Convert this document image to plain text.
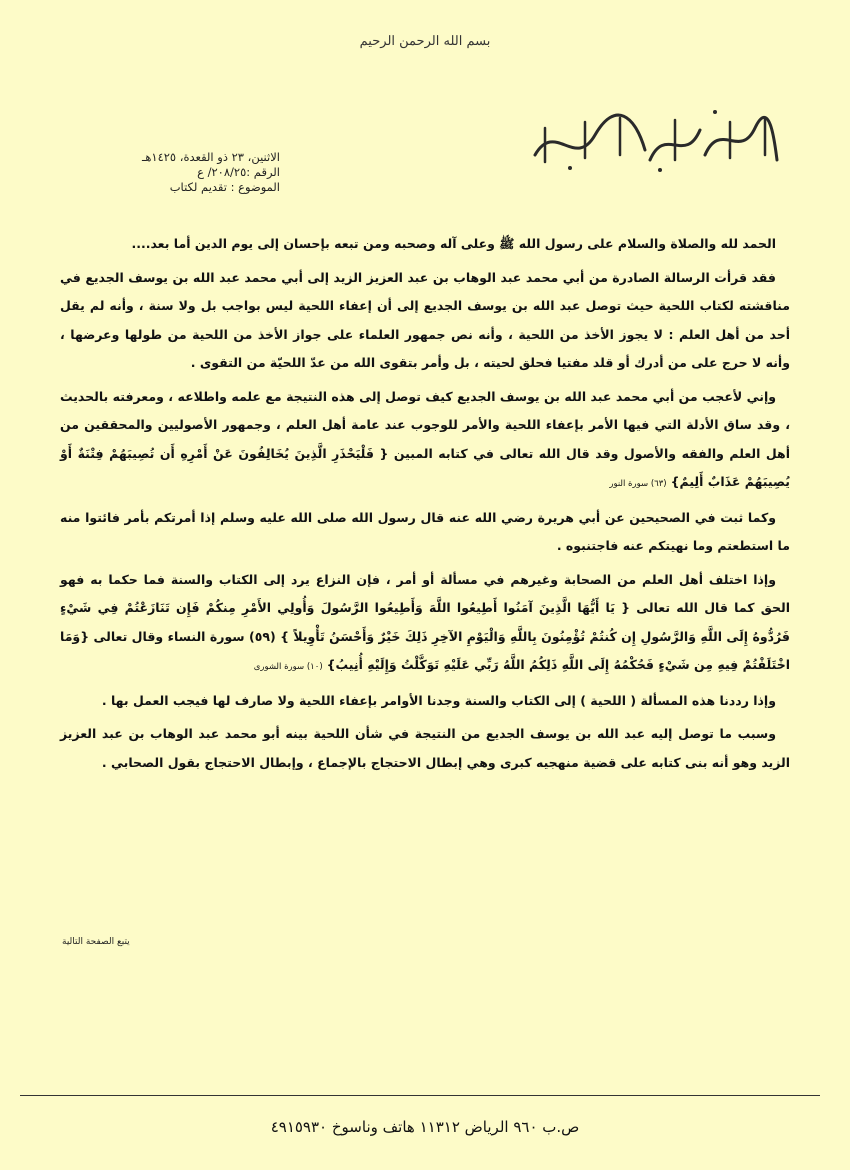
بسم الله الرحمن الرحيم
الاثنين، ٢٣ ذو القعدة، ١٤٢٥هـ
الرقم :٢٠٨/٢٥/ ع
الموضوع : تقديم لكتاب

الحمد لله والصلاة والسلام على رسول الله ﷺ وعلى آله وصحبه ومن تبعه بإحسان إلى يوم الدين أما بعد....

فقد قرأت الرسالة الصادرة من أبي محمد عبد الوهاب بن عبد العزيز الزيد إلى أبي محمد عبد الله بن يوسف الجديع في مناقشته لكتاب اللحية حيث توصل عبد الله بن يوسف الجديع إلى أن إعفاء اللحية ليس بواجب بل ولا سنة ، وأنه لم يقل أحد من أهل العلم : لا يجوز الأخذ من اللحية ، وأنه نص جمهور العلماء على جواز الأخذ من اللحية من طولها وعرضها ، وأنه لا حرج على من أدرك أو قلد مفتيا فحلق لحيته ، بل وأمر بتقوى الله من عدّ اللحيّة من التقوى .

وإني لأعجب من أبي محمد عبد الله بن يوسف الجديع كيف توصل إلى هذه النتيجة مع علمه واطلاعه ، ومعرفته بالحديث ، وقد ساق الأدلة التي فيها الأمر بإعفاء اللحية والأمر للوجوب عند عامة أهل العلم ، وجمهور الأصوليين والمحققين من أهل العلم والفقه والأصول وقد قال الله تعالى في كتابه المبين { فَلْيَحْذَرِ الَّذِينَ يُخَالِفُونَ عَنْ أَمْرِهِ أَن تُصِيبَهُمْ فِتْنَةٌ أَوْ يُصِيبَهُمْ عَذَابٌ أَلِيمٌ}(٦٣) سورة النور

وكما ثبت في الصحيحين عن أبي هريرة رضي الله عنه قال رسول الله صلى الله عليه وسلم إذا أمرتكم بأمر فائتوا منه ما استطعتم وما نهيتكم عنه فاجتنبوه .

وإذا اختلف أهل العلم من الصحابة وغيرهم في مسألة أو أمر ، فإن النزاع يرد إلى الكتاب والسنة فما حكما به فهو الحق كما قال الله تعالى { يَا أَيُّهَا الَّذِينَ آمَنُوا أَطِيعُوا اللَّهَ وَأَطِيعُوا الرَّسُولَ وَأُولِي الأَمْرِ مِنكُمْ فَإِن تَنَازَعْتُمْ فِي شَيْءٍ فَرُدُّوهُ إِلَى اللَّهِ وَالرَّسُولِ إِن كُنتُمْ تُؤْمِنُونَ بِاللَّهِ وَالْيَوْمِ الآخِرِ ذَلِكَ خَيْرٌ وَأَحْسَنُ تَأْوِيلاً } (٥٩) سورة النساء وقال تعالى {وَمَا اخْتَلَفْتُمْ فِيهِ مِن شَيْءٍ فَحُكْمُهُ إِلَى اللَّهِ ذَلِكُمُ اللَّهُ رَبِّي عَلَيْهِ تَوَكَّلْتُ وَإِلَيْهِ أُنِيبُ}(١٠) سورة الشورى

وإذا رددنا هذه المسألة ( اللحية ) إلى الكتاب والسنة وجدنا الأوامر بإعفاء اللحية ولا صارف لها فيجب العمل بها .

وسبب ما توصل إليه عبد الله بن يوسف الجديع من النتيجة في شأن اللحية بينه أبو محمد عبد الوهاب بن عبد العزيز الزيد وهو أنه بنى كتابه على قضية منهجيه كبرى وهي إبطال الاحتجاج بالإجماع ، وإبطال الاحتجاج بقول الصحابي .

يتبع الصفحة التالية
ص.ب ٩٦٠ الرياض ١١٣١٢ هاتف وناسوخ ٤٩١٥٩٣٠
